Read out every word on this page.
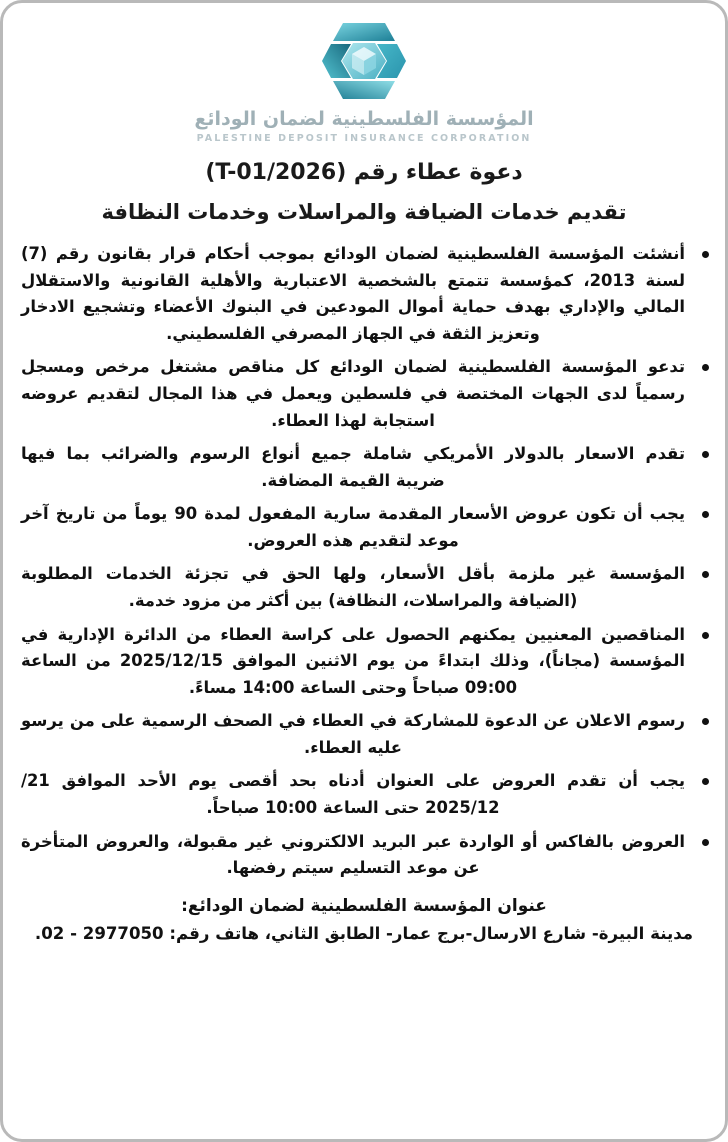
المؤسسة الفلسطينية لضمان الودائع
PALESTINE DEPOSIT INSURANCE CORPORATION
دعوة عطاء رقم (T-01/2026)
تقديم خدمات الضيافة والمراسلات وخدمات النظافة
أنشئت المؤسسة الفلسطينية لضمان الودائع بموجب أحكام قرار بقانون رقم (7) لسنة 2013، كمؤسسة تتمتع بالشخصية الاعتبارية والأهلية القانونية والاستقلال المالي والإداري بهدف حماية أموال المودعين في البنوك الأعضاء وتشجيع الادخار وتعزيز الثقة في الجهاز المصرفي الفلسطيني.
تدعو المؤسسة الفلسطينية لضمان الودائع كل مناقص مشتغل مرخص ومسجل رسمياً لدى الجهات المختصة في فلسطين ويعمل في هذا المجال لتقديم عروضه استجابة لهذا العطاء.
تقدم الاسعار بالدولار الأمريكي شاملة جميع أنواع الرسوم والضرائب بما فيها ضريبة القيمة المضافة.
يجب أن تكون عروض الأسعار المقدمة سارية المفعول لمدة 90 يوماً من تاريخ آخر موعد لتقديم هذه العروض.
المؤسسة غير ملزمة بأقل الأسعار، ولها الحق في تجزئة الخدمات المطلوبة (الضيافة والمراسلات، النظافة) بين أكثر من مزود خدمة.
المناقصين المعنيين يمكنهم الحصول على كراسة العطاء من الدائرة الإدارية في المؤسسة (مجاناً)، وذلك ابتداءً من يوم الاثنين الموافق 2025/12/15 من الساعة 09:00 صباحاً وحتى الساعة 14:00 مساءً.
رسوم الاعلان عن الدعوة للمشاركة في العطاء في الصحف الرسمية على من يرسو عليه العطاء.
يجب أن تقدم العروض على العنوان أدناه بحد أقصى يوم الأحد الموافق 21/ 2025/12 حتى الساعة 10:00 صباحاً.
العروض بالفاكس أو الواردة عبر البريد الالكتروني غير مقبولة، والعروض المتأخرة عن موعد التسليم سيتم رفضها.
عنوان المؤسسة الفلسطينية لضمان الودائع:
مدينة البيرة- شارع الارسال-برج عمار- الطابق الثاني، هاتف رقم: 2977050 - 02.
